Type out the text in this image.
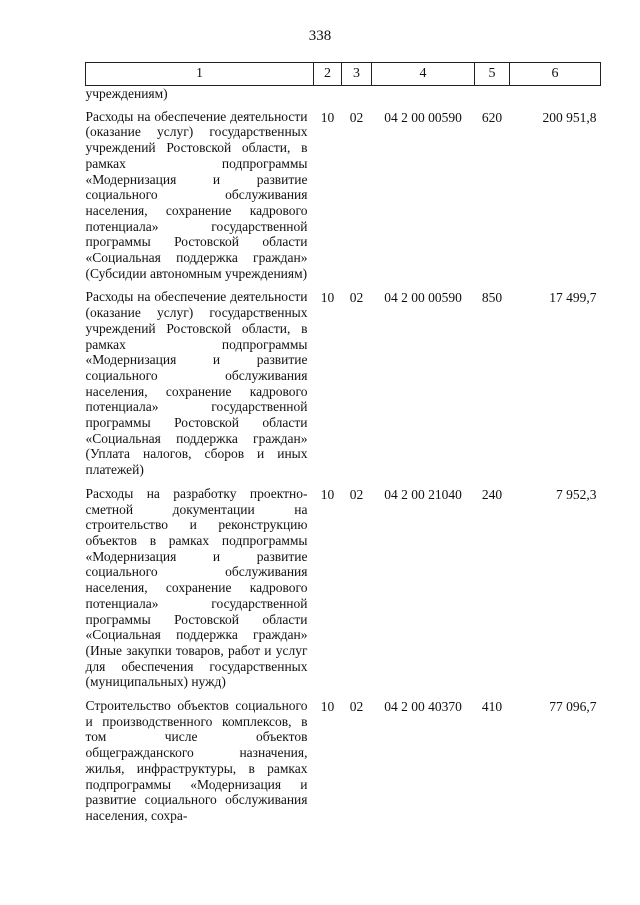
338
1	2	3	4	5	6
учреждениям)					
Расходы на обеспечение деятельности (оказание услуг) государственных учреждений Ростовской области, в рамках подпрограммы «Модернизация и развитие социального обслуживания населения, сохранение кадрового потенциала» государственной программы Ростовской области «Социальная поддержка граждан» (Субсидии автономным учреждениям)	10	02	04 2 00 00590	620	200 951,8
Расходы на обеспечение деятельности (оказание услуг) государственных учреждений Ростовской области, в рамках подпрограммы «Модернизация и развитие социального обслуживания населения, сохранение кадрового потенциала» государственной программы Ростовской области «Социальная поддержка граждан» (Уплата налогов, сборов и иных платежей)	10	02	04 2 00 00590	850	17 499,7
Расходы на разработку проектно-сметной документации на строительство и реконструкцию объектов в рамках подпрограммы «Модернизация и развитие социального обслуживания населения, сохранение кадрового потенциала» государственной программы Ростовской области «Социальная поддержка граждан» (Иные закупки товаров, работ и услуг для обеспечения государственных (муниципальных) нужд)	10	02	04 2 00 21040	240	7 952,3
Строительство объектов социального и производственного комплексов, в том числе объектов общегражданского назначения, жилья, инфраструктуры, в рамках подпрограммы «Модернизация и развитие социального обслуживания населения, сохра-	10	02	04 2 00 40370	410	77 096,7
